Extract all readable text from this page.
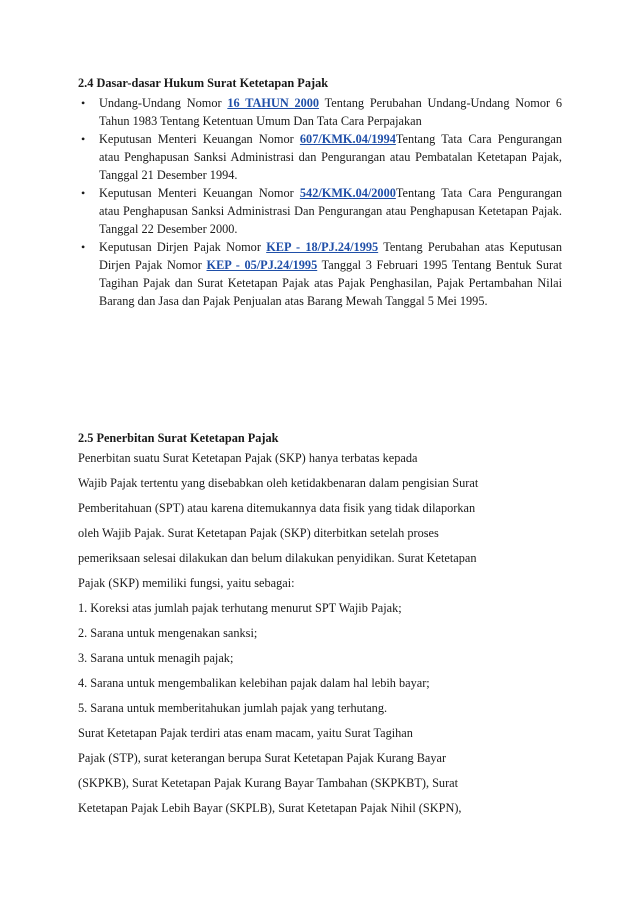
2.4 Dasar-dasar Hukum Surat Ketetapan Pajak
• Undang-Undang Nomor 16 TAHUN 2000 Tentang Perubahan Undang-Undang Nomor 6 Tahun 1983 Tentang Ketentuan Umum Dan Tata Cara Perpajakan
• Keputusan Menteri Keuangan Nomor 607/KMK.04/1994Tentang Tata Cara Pengurangan atau Penghapusan Sanksi Administrasi dan Pengurangan atau Pembatalan Ketetapan Pajak, Tanggal 21 Desember 1994.
• Keputusan Menteri Keuangan Nomor 542/KMK.04/2000Tentang Tata Cara Pengurangan atau Penghapusan Sanksi Administrasi Dan Pengurangan atau Penghapusan Ketetapan Pajak. Tanggal 22 Desember 2000.
• Keputusan Dirjen Pajak Nomor KEP - 18/PJ.24/1995 Tentang Perubahan atas Keputusan Dirjen Pajak Nomor KEP - 05/PJ.24/1995 Tanggal 3 Februari 1995 Tentang Bentuk Surat Tagihan Pajak dan Surat Ketetapan Pajak atas Pajak Penghasilan, Pajak Pertambahan Nilai Barang dan Jasa dan Pajak Penjualan atas Barang Mewah Tanggal 5 Mei 1995.
2.5 Penerbitan Surat Ketetapan Pajak
Penerbitan suatu Surat Ketetapan Pajak (SKP) hanya terbatas kepada
Wajib Pajak tertentu yang disebabkan oleh ketidakbenaran dalam pengisian Surat
Pemberitahuan (SPT) atau karena ditemukannya data fisik yang tidak dilaporkan
oleh Wajib Pajak. Surat Ketetapan Pajak (SKP) diterbitkan setelah proses
pemeriksaan selesai dilakukan dan belum dilakukan penyidikan. Surat Ketetapan
Pajak (SKP) memiliki fungsi, yaitu sebagai:
1. Koreksi atas jumlah pajak terhutang menurut SPT Wajib Pajak;
2. Sarana untuk mengenakan sanksi;
3. Sarana untuk menagih pajak;
4. Sarana untuk mengembalikan kelebihan pajak dalam hal lebih bayar;
5. Sarana untuk memberitahukan jumlah pajak yang terhutang.
Surat Ketetapan Pajak terdiri atas enam macam, yaitu Surat Tagihan
Pajak (STP), surat keterangan berupa Surat Ketetapan Pajak Kurang Bayar
(SKPKB), Surat Ketetapan Pajak Kurang Bayar Tambahan (SKPKBT), Surat
Ketetapan Pajak Lebih Bayar (SKPLB), Surat Ketetapan Pajak Nihil (SKPN),
